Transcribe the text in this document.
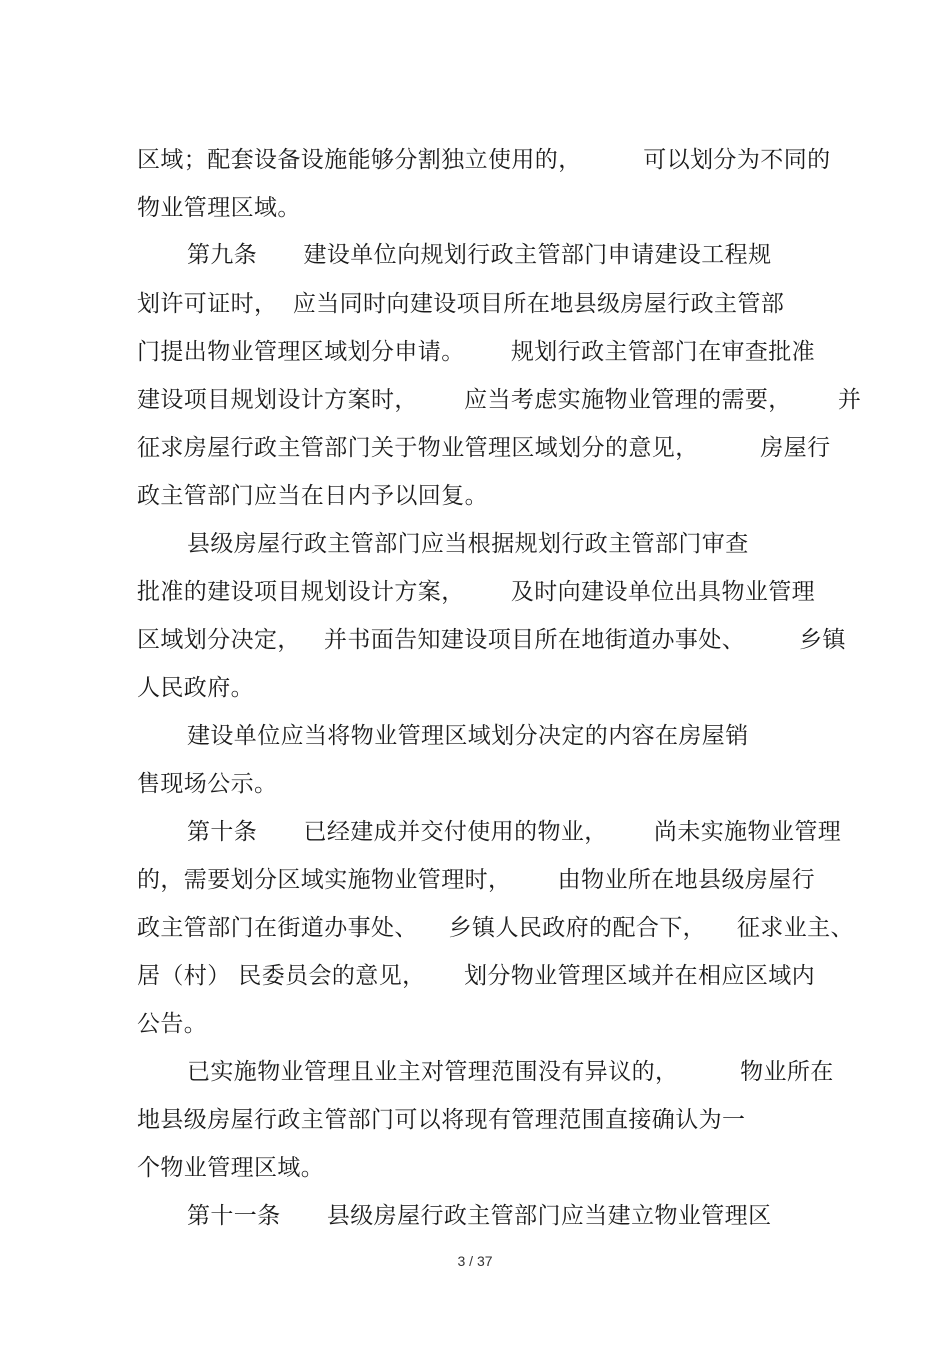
区域；配套设备设施能够分割独立使用的，        可以划分为不同的
物业管理区域。
第九条      建设单位向规划行政主管部门申请建设工程规
划许可证时，  应当同时向建设项目所在地县级房屋行政主管部
门提出物业管理区域划分申请。      规划行政主管部门在审查批准
建设项目规划设计方案时，      应当考虑实施物业管理的需要，      并
征求房屋行政主管部门关于物业管理区域划分的意见，        房屋行
政主管部门应当在日内予以回复。
县级房屋行政主管部门应当根据规划行政主管部门审查
批准的建设项目规划设计方案，      及时向建设单位出具物业管理
区域划分决定，   并书面告知建设项目所在地街道办事处、       乡镇
人民政府。
建设单位应当将物业管理区域划分决定的内容在房屋销
售现场公示。
第十条      已经建成并交付使用的物业，      尚未实施物业管理
的，需要划分区域实施物业管理时，      由物业所在地县级房屋行
政主管部门在街道办事处、    乡镇人民政府的配合下，    征求业主、
居（村） 民委员会的意见，     划分物业管理区域并在相应区域内
公告。
已实施物业管理且业主对管理范围没有异议的，        物业所在
地县级房屋行政主管部门可以将现有管理范围直接确认为一
个物业管理区域。
第十一条      县级房屋行政主管部门应当建立物业管理区
3 / 37
